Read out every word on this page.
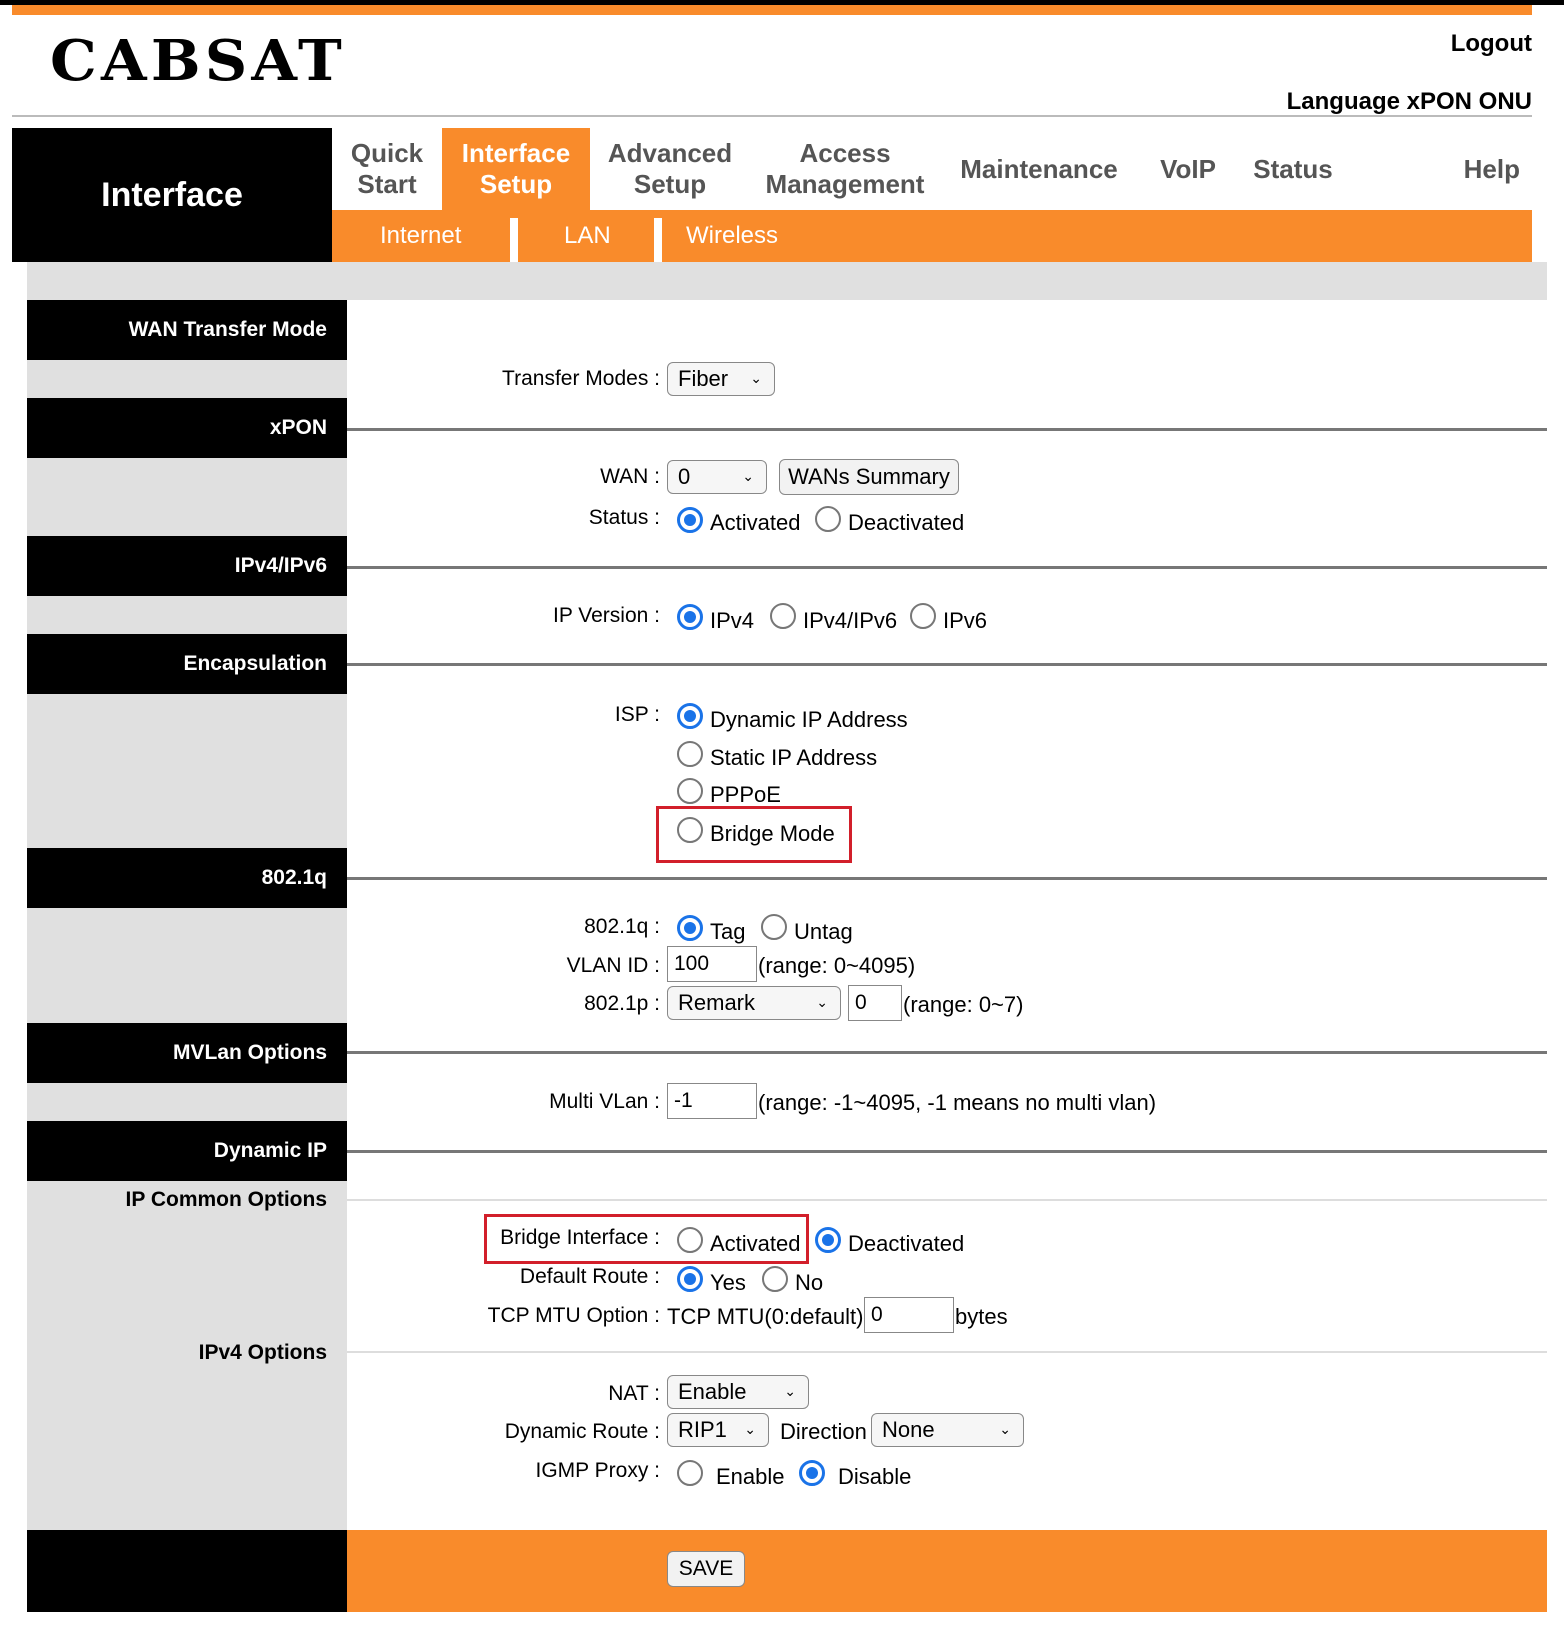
CABSAT	Logout
Language xPON ONU
Interface
Quick
Start
Interface
Setup
Advanced
Setup
Access
Management
Maintenance VoIP Status	Help
Internet	LAN	Wireless
WAN Transfer Mode
xPON
IPv4/IPv6
Encapsulation
802.1q
MVLan Options
Dynamic IP
IP Common Options
IPv4 Options
Transfer Modes : Fiber ⌄
WAN : 0	⌄	WANs Summary
Status : Activated Deactivated
IP Version : IPv4 IPv4/IPv6 IPv6
ISP : Dynamic IP Address
Static IP Address
PPPoE
Bridge Mode
802.1q : Tag Untag
VLAN ID : 100	(range: 0~4095)
802.1p : Remark	⌄	0	(range: 0~7)
Multi VLan : -1	(range: -1~4095, -1 means no multi vlan)
Bridge Interface : Activated Deactivated
Default Route : Yes No
TCP MTU Option : TCP MTU(0:default) 0	bytes
NAT : Enable	⌄
Dynamic Route : RIP1 ⌄ Direction None	⌄
IGMP Proxy :	Enable Disable
SAVE
